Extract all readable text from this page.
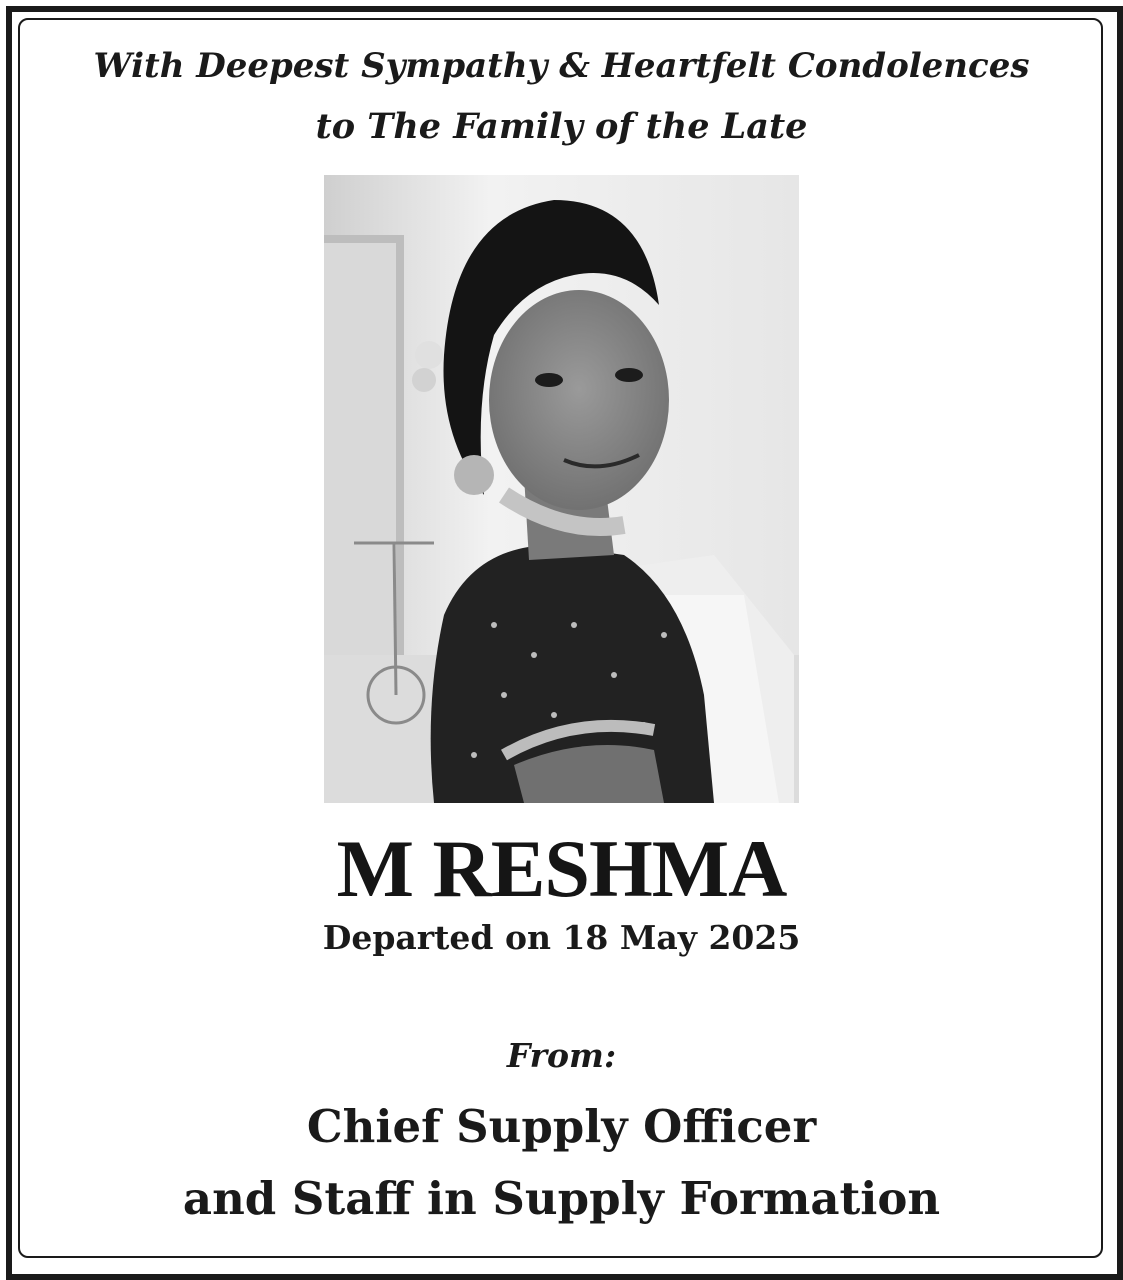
With Deepest Sympathy & Heartfelt Condolences
to The Family of the Late
M RESHMA
Departed on 18 May 2025
From:
Chief Supply Officer
and Staff in Supply Formation
